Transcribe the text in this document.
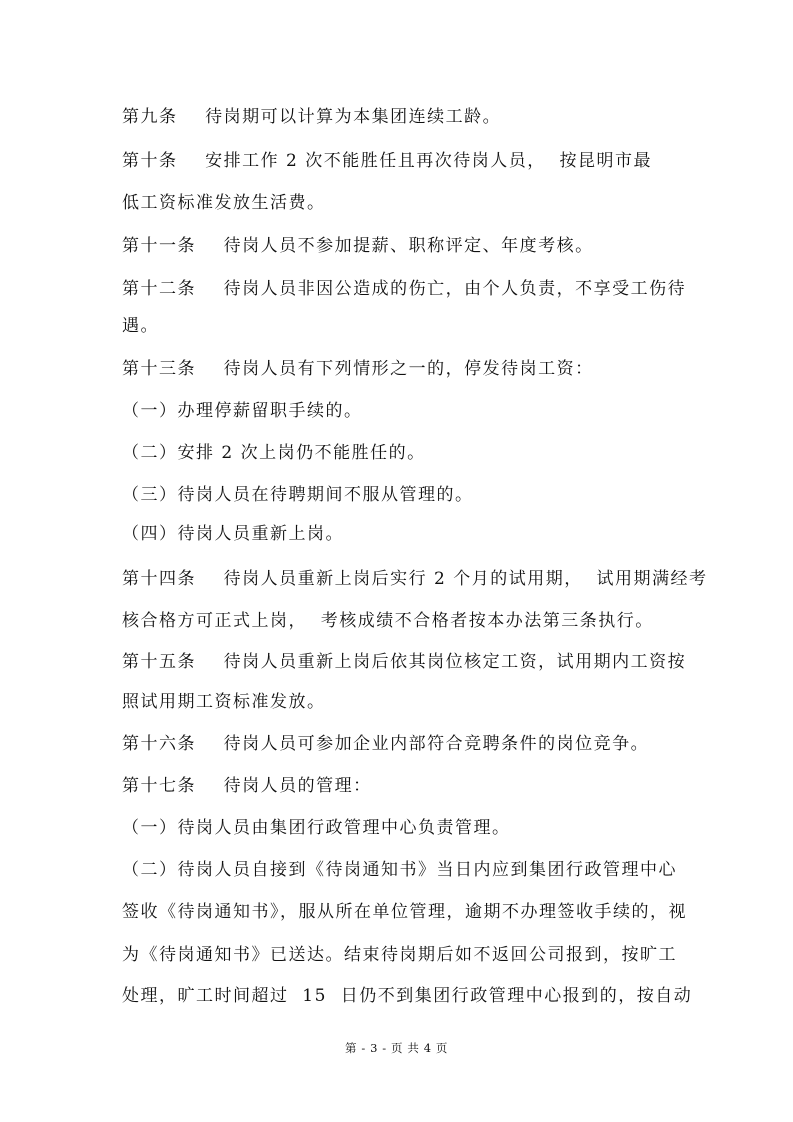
第九条    待岗期可以计算为本集团连续工龄。
第十条    安排工作 2 次不能胜任且再次待岗人员，  按昆明市最
低工资标准发放生活费。
第十一条    待岗人员不参加提薪、职称评定、年度考核。
第十二条    待岗人员非因公造成的伤亡，由个人负责，不享受工伤待
遇。
第十三条    待岗人员有下列情形之一的，停发待岗工资：
（一）办理停薪留职手续的。
（二）安排 2 次上岗仍不能胜任的。
（三）待岗人员在待聘期间不服从管理的。
（四）待岗人员重新上岗。
第十四条    待岗人员重新上岗后实行 2 个月的试用期，  试用期满经考
核合格方可正式上岗，  考核成绩不合格者按本办法第三条执行。
第十五条    待岗人员重新上岗后依其岗位核定工资，试用期内工资按
照试用期工资标准发放。
第十六条    待岗人员可参加企业内部符合竞聘条件的岗位竞争。
第十七条    待岗人员的管理：
（一）待岗人员由集团行政管理中心负责管理。
（二）待岗人员自接到《待岗通知书》当日内应到集团行政管理中心
签收《待岗通知书》，服从所在单位管理，逾期不办理签收手续的，视
为《待岗通知书》已送达。结束待岗期后如不返回公司报到，按旷工
处理，旷工时间超过  15  日仍不到集团行政管理中心报到的，按自动
第 - 3 - 页 共 4 页
